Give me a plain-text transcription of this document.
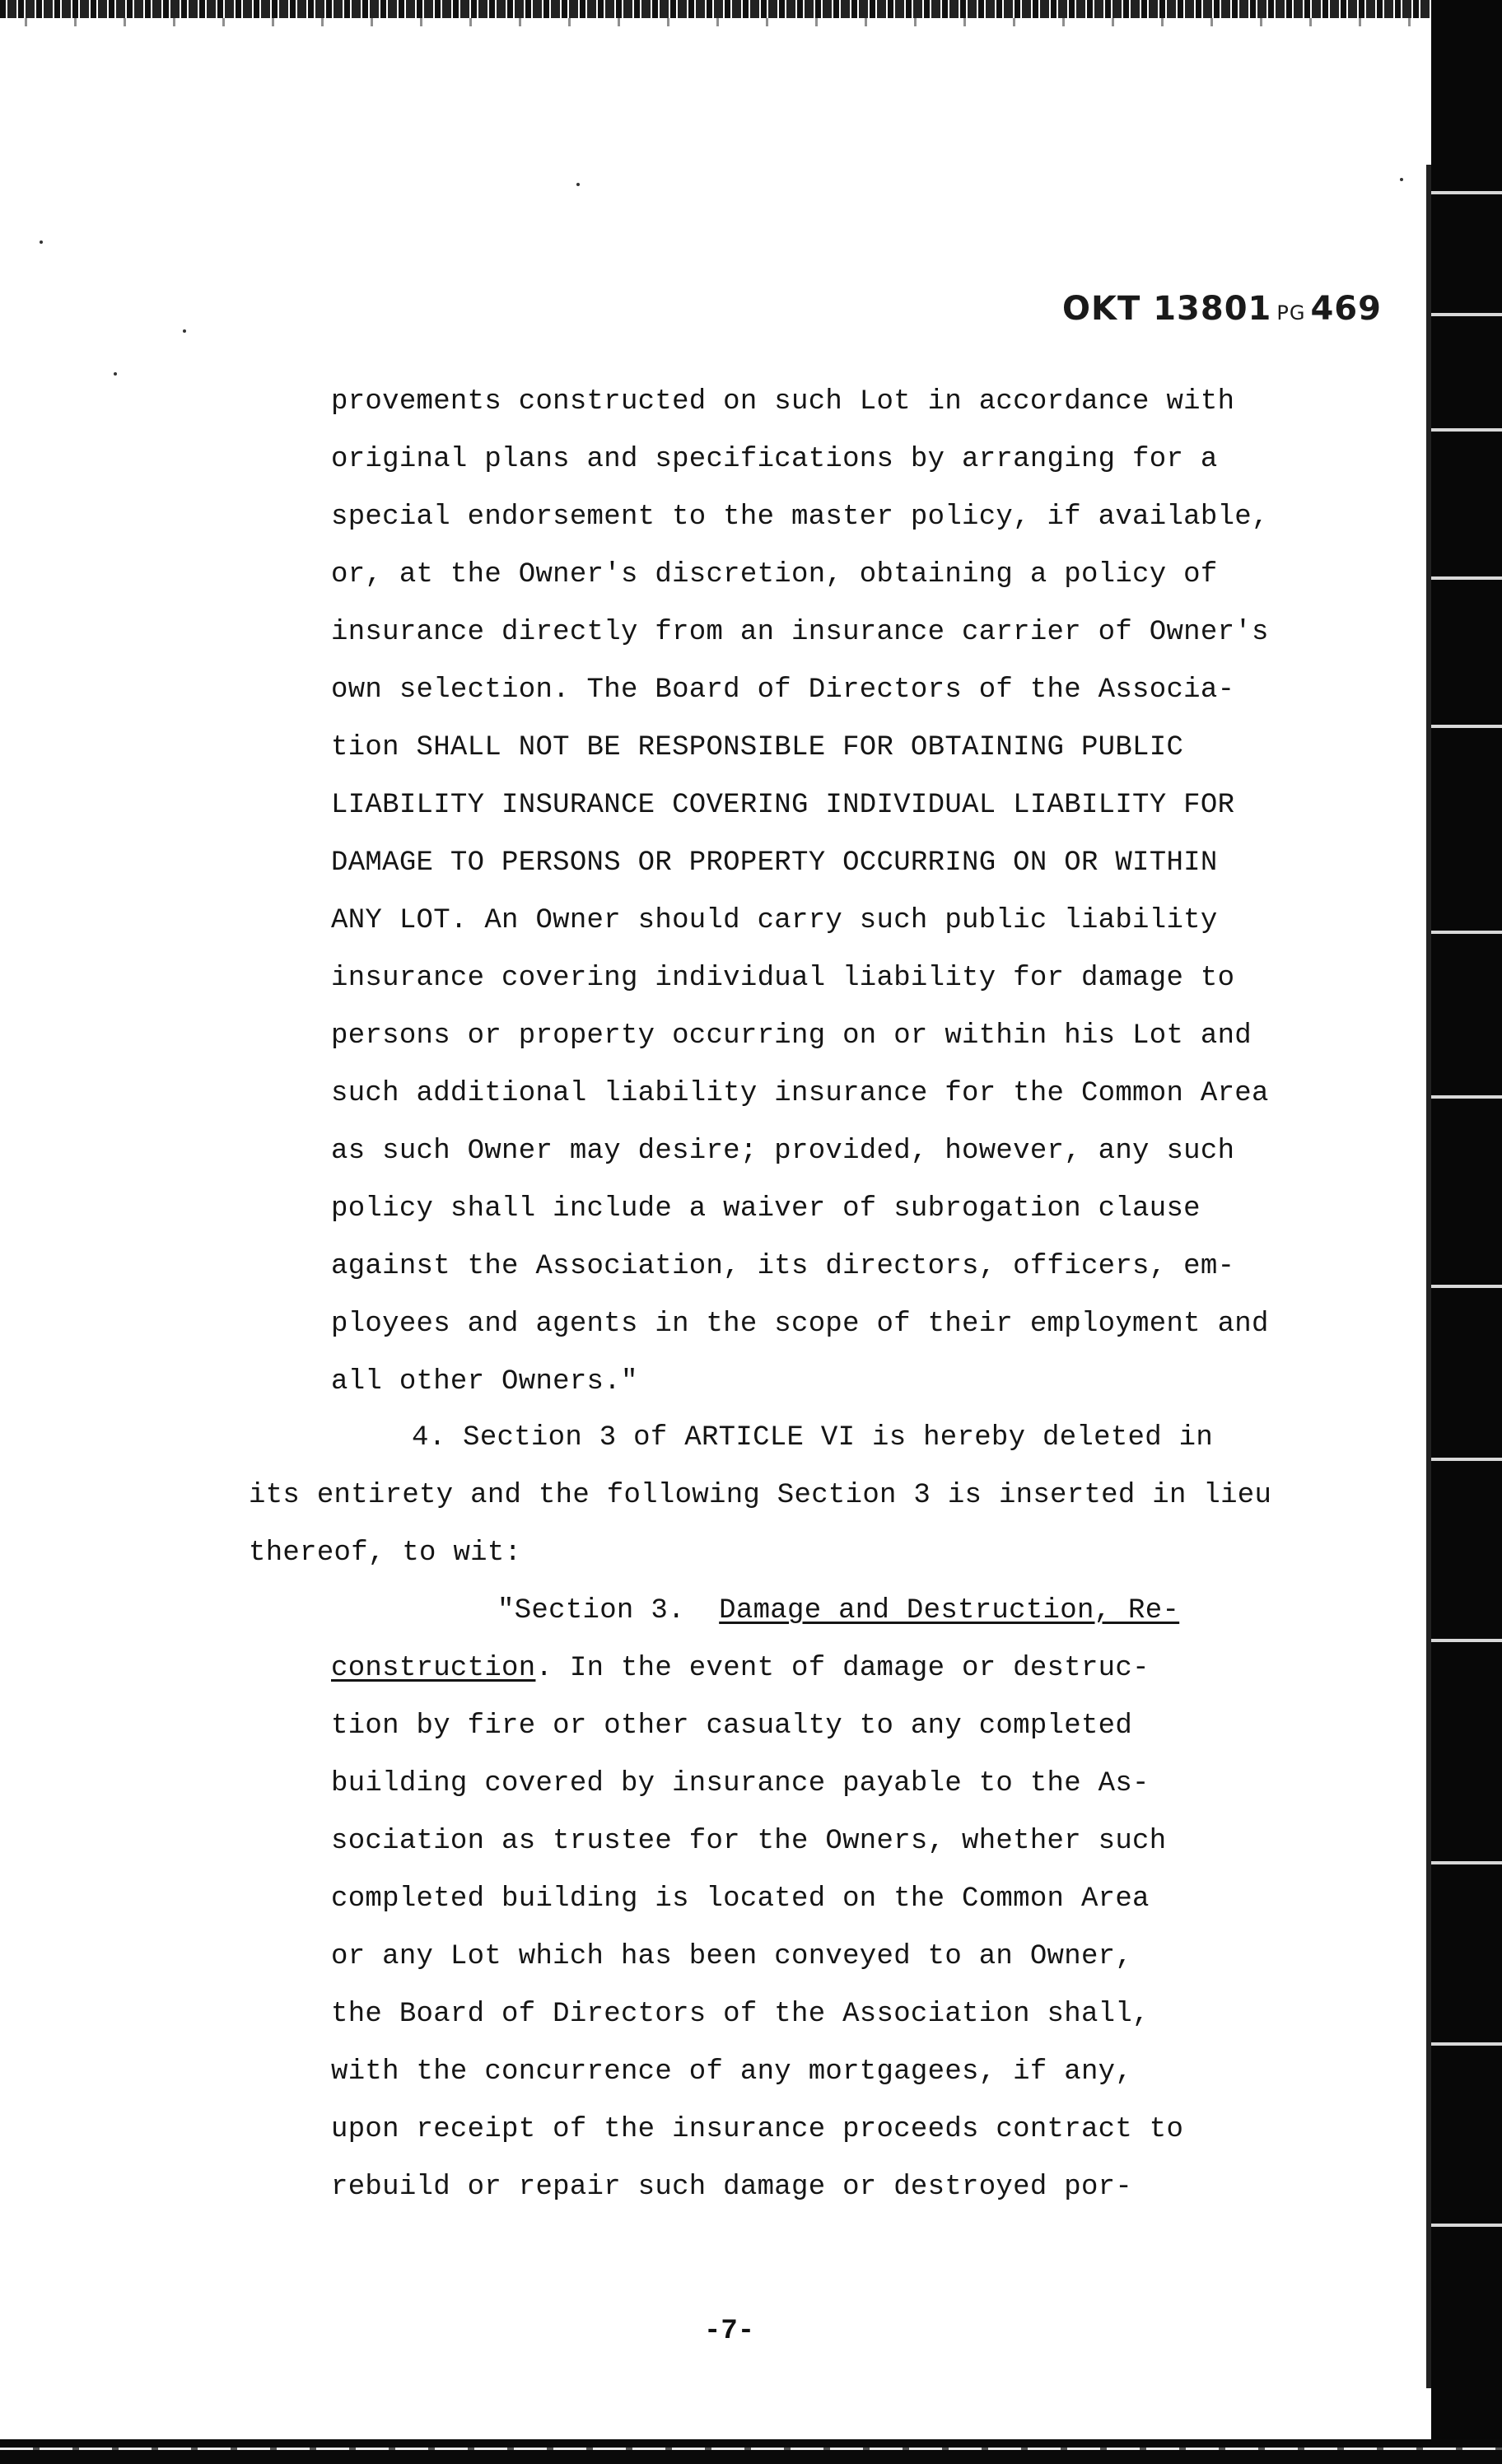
OKT 13801 PG 469
provements constructed on such Lot in accordance with
original plans and specifications by arranging for a
special endorsement to the master policy, if available,
or, at the Owner's discretion, obtaining a policy of
insurance directly from an insurance carrier of Owner's
own selection. The Board of Directors of the Associa-
tion SHALL NOT BE RESPONSIBLE FOR OBTAINING PUBLIC
LIABILITY INSURANCE COVERING INDIVIDUAL LIABILITY FOR
DAMAGE TO PERSONS OR PROPERTY OCCURRING ON OR WITHIN
ANY LOT. An Owner should carry such public liability
insurance covering individual liability for damage to
persons or property occurring on or within his Lot and
such additional liability insurance for the Common Area
as such Owner may desire; provided, however, any such
policy shall include a waiver of subrogation clause
against the Association, its directors, officers, em-
ployees and agents in the scope of their employment and
all other Owners."
4. Section 3 of ARTICLE VI is hereby deleted in
its entirety and the following Section 3 is inserted in lieu
thereof, to wit:
"Section 3. Damage and Destruction, Re-
construction. In the event of damage or destruc-
tion by fire or other casualty to any completed
building covered by insurance payable to the As-
sociation as trustee for the Owners, whether such
completed building is located on the Common Area
or any Lot which has been conveyed to an Owner,
the Board of Directors of the Association shall,
with the concurrence of any mortgagees, if any,
upon receipt of the insurance proceeds contract to
rebuild or repair such damage or destroyed por-
-7-
